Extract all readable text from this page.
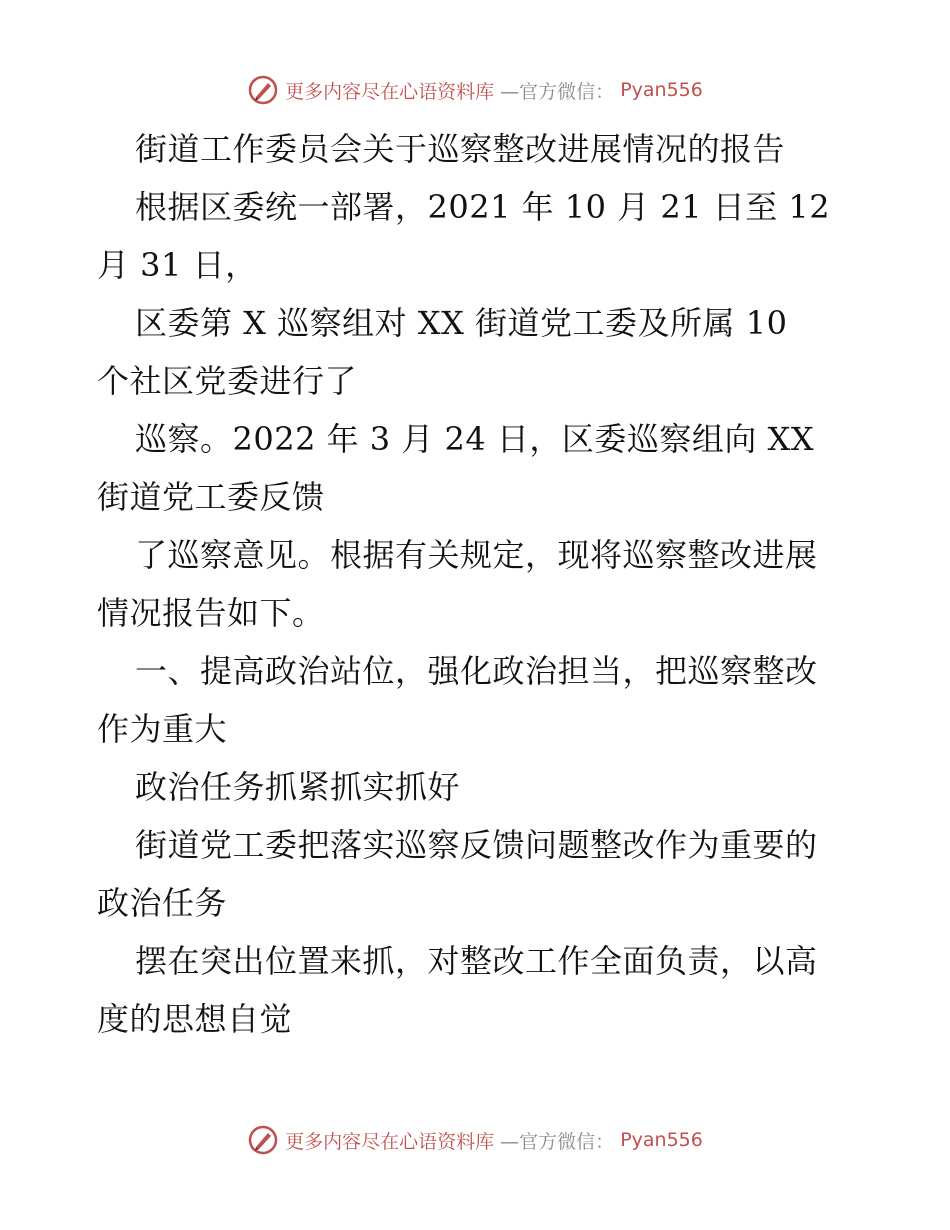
更多内容尽在心语资料库 —官方微信： Pyan556
街道工作委员会关于巡察整改进展情况的报告
根据区委统一部署，2021 年 10 月 21 日至 12
月 31 日，
区委第 X 巡察组对 XX 街道党工委及所属 10
个社区党委进行了
巡察。2022 年 3 月 24 日，区委巡察组向 XX
街道党工委反馈
了巡察意见。根据有关规定，现将巡察整改进展
情况报告如下。
一、提高政治站位，强化政治担当，把巡察整改
作为重大
政治任务抓紧抓实抓好
街道党工委把落实巡察反馈问题整改作为重要的
政治任务
摆在突出位置来抓，对整改工作全面负责，以高
度的思想自觉
更多内容尽在心语资料库 —官方微信： Pyan556
